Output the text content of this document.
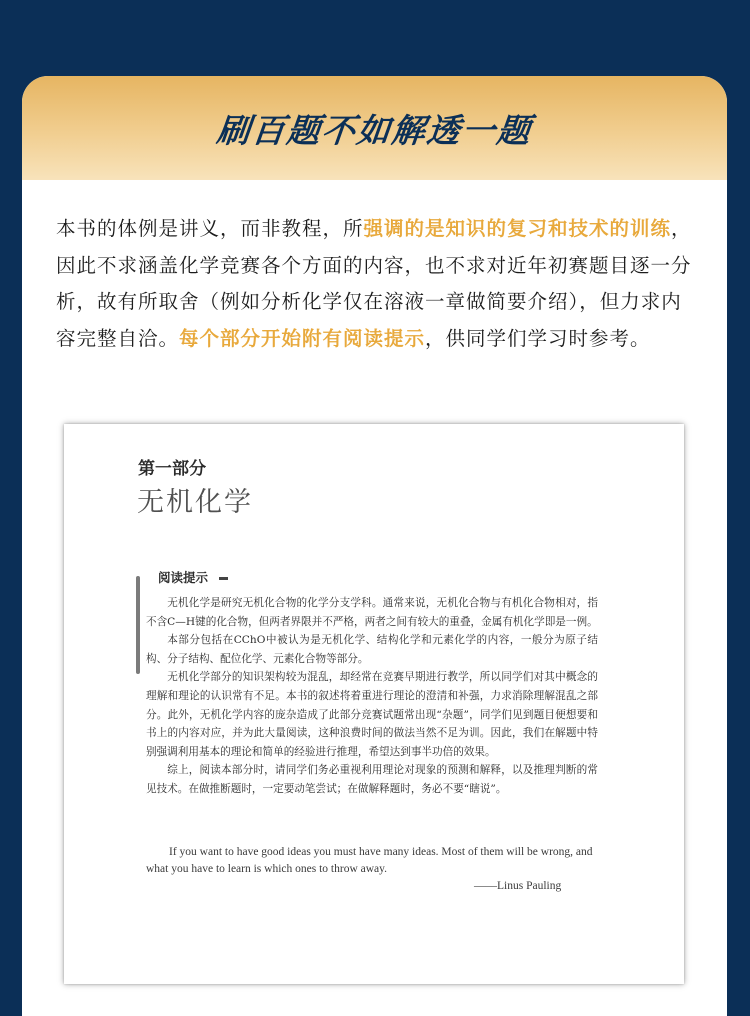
刷百题不如解透一题
本书的体例是讲义，而非教程，所强调的是知识的复习和技术的训练，因此不求涵盖化学竞赛各个方面的内容，也不求对近年初赛题目逐一分析，故有所取舍（例如分析化学仅在溶液一章做简要介绍），但力求内容完整自洽。每个部分开始附有阅读提示，供同学们学习时参考。
第一部分
无机化学
阅读提示

无机化学是研究无机化合物的化学分支学科。通常来说，无机化合物与有机化合物相对，指不含C—H键的化合物，但两者界限并不严格，两者之间有较大的重叠，金属有机化学即是一例。

本部分包括在CChO中被认为是无机化学、结构化学和元素化学的内容，一般分为原子结构、分子结构、配位化学、元素化合物等部分。

无机化学部分的知识架构较为混乱，却经常在竞赛早期进行教学，所以同学们对其中概念的理解和理论的认识常有不足。本书的叙述将着重进行理论的澄清和补强，力求消除理解混乱之部分。此外，无机化学内容的庞杂造成了此部分竞赛试题常出现“杂题”，同学们见到题目便想要和书上的内容对应，并为此大量阅读，这种浪费时间的做法当然不足为训。因此，我们在解题中特别强调利用基本的理论和简单的经验进行推理，希望达到事半功倍的效果。

综上，阅读本部分时，请同学们务必重视利用理论对现象的预测和解释，以及推理判断的常见技术。在做推断题时，一定要动笔尝试；在做解释题时，务必不要“瞎说”。

If you want to have good ideas you must have many ideas. Most of them will be wrong, and what you have to learn is which ones to throw away.

——Linus Pauling
